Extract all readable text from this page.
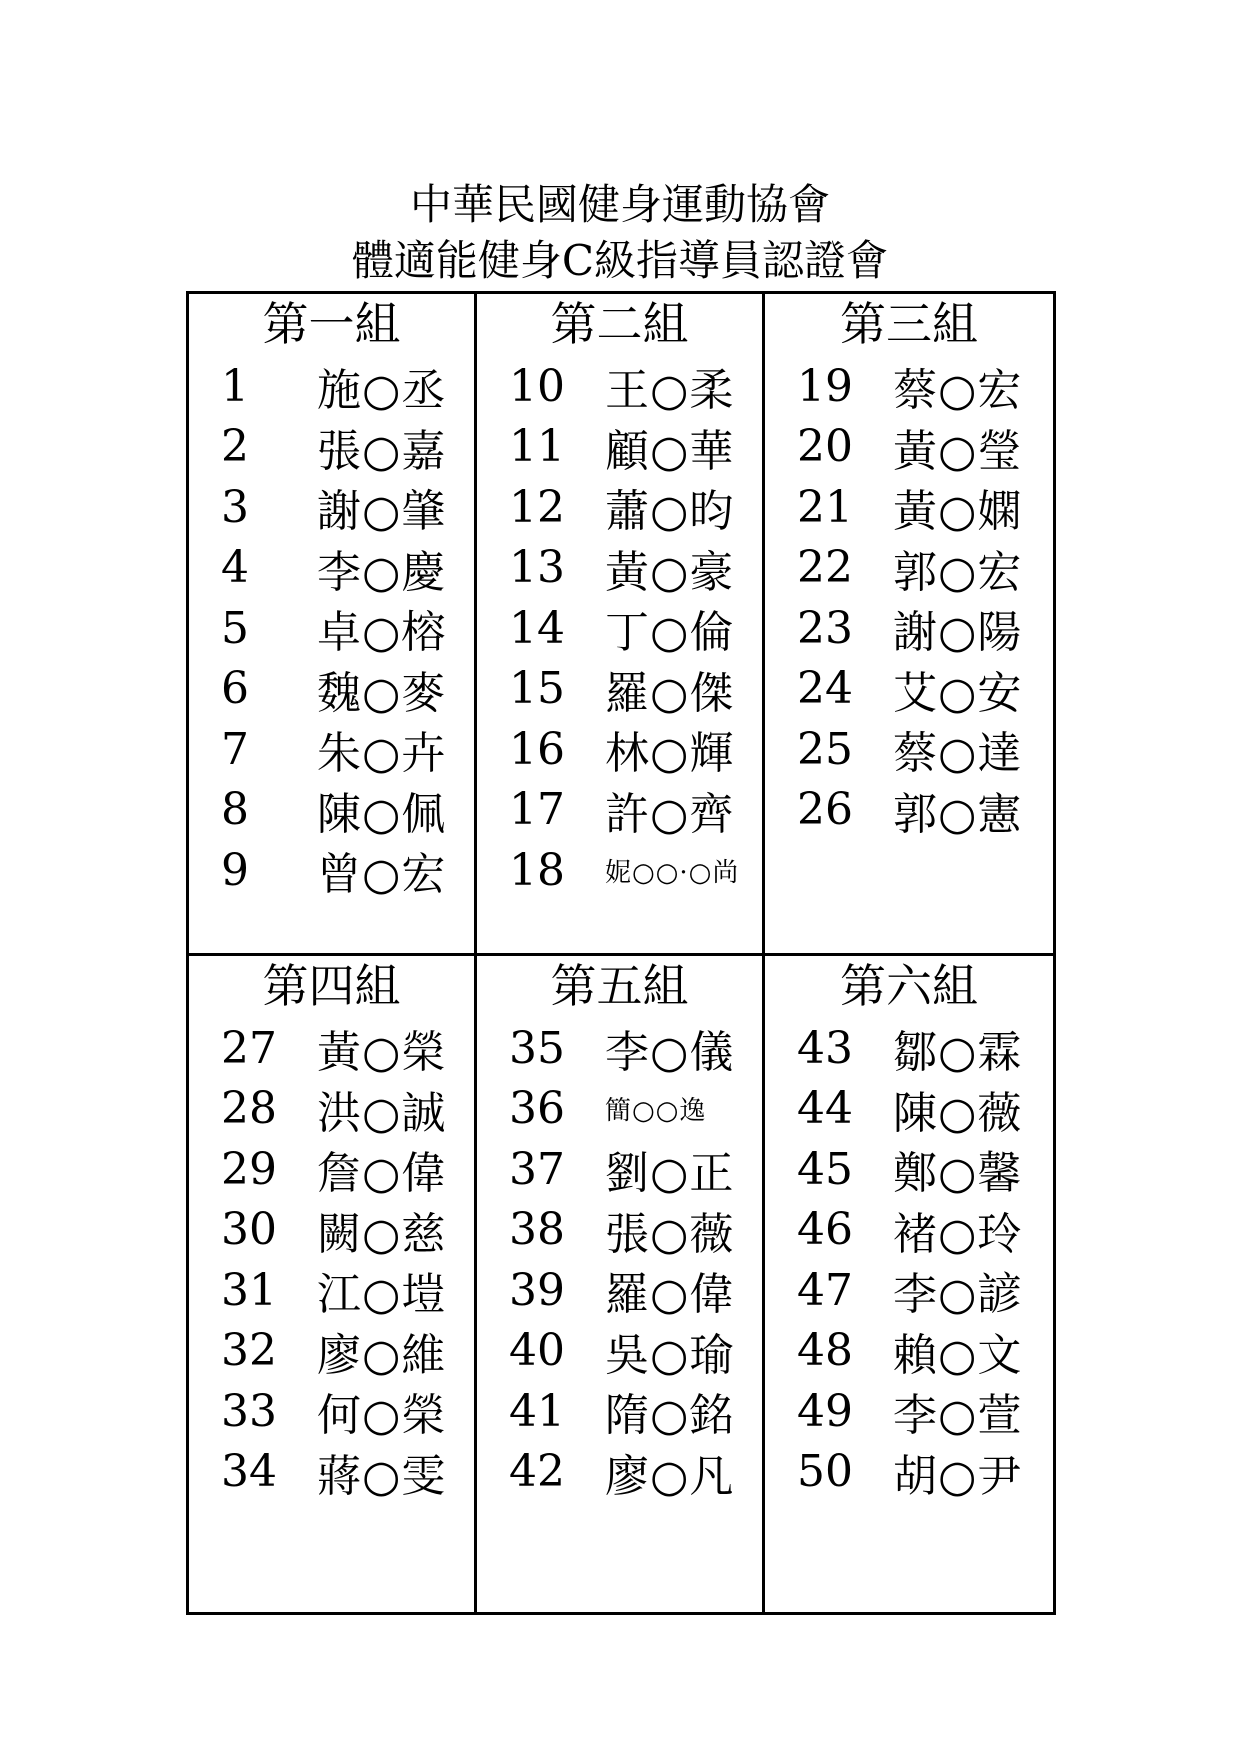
中華民國健身運動協會
體適能健身C級指導員認證會
第一組
1	施○丞
2	張○嘉
3	謝○肇
4	李○慶
5	卓○榕
6	魏○麥
7	朱○卉
8	陳○佩
9	曾○宏
第二組
10 王○柔
11 顧○華
12 蕭○昀
13 黃○豪
14 丁○倫
15 羅○傑
16 林○輝
17 許○齊
18	妮○○·○尚
第三組
19 蔡○宏
20 黃○瑩
21 黃○嫻
22 郭○宏
23 謝○陽
24 艾○安
25 蔡○達
26 郭○憲
第四組
27 黃○榮
28 洪○誠
29 詹○偉
30 闕○慈
31 江○塏
32 廖○維
33 何○榮
34 蔣○雯
第五組
35 李○儀
36	簡○○逸
37 劉○正
38 張○薇
39 羅○偉
40 吳○瑜
41 隋○銘
42 廖○凡
第六組
43 鄒○霖
44 陳○薇
45 鄭○馨
46 褚○玲
47 李○諺
48 賴○文
49 李○萱
50 胡○尹
